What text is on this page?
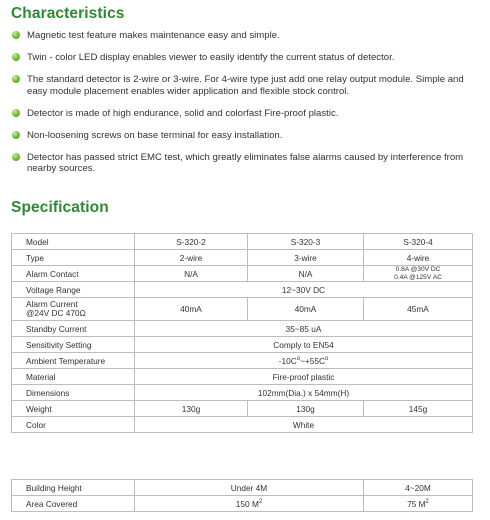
Characteristics
Magnetic test feature makes maintenance easy and simple.
Twin - color LED display enables viewer to easily identify the current status of detector.
The standard detector is 2-wire or 3-wire. For 4-wire type just add one relay output module. Simple and easy module placement enables wider application and flexible stock control.
Detector is made of high endurance, solid and colorfast Fire-proof plastic.
Non-loosening screws on base terminal for easy installation.
Detector has passed strict EMC test, which greatly eliminates false alarms caused by interference from nearby sources.
Specification
Model	S-320-2	S-320-3	S-320-4
Type	2-wire	3-wire	4-wire
Alarm Contact	N/A	N/A	0.8A @30V DC
0.4A @125V AC

Voltage Range	12~30V DC		

Alarm Current
@24V DC 470Ω	40mA	40mA	45mA
Standby Current	35~85 uA		
Sensitivity Setting	Comply to EN54		
Ambient Temperature	$-10C^o\sim+55C^o$
Material	Fire-proof plastic		
Dimensions	102mm(Dia.) x 54mm(H)		
Weight	130g	130g	145g
Color	White		
Building Height	Under 4M	4~20M
Area Covered	150 $M^2$	75 $M^2$
